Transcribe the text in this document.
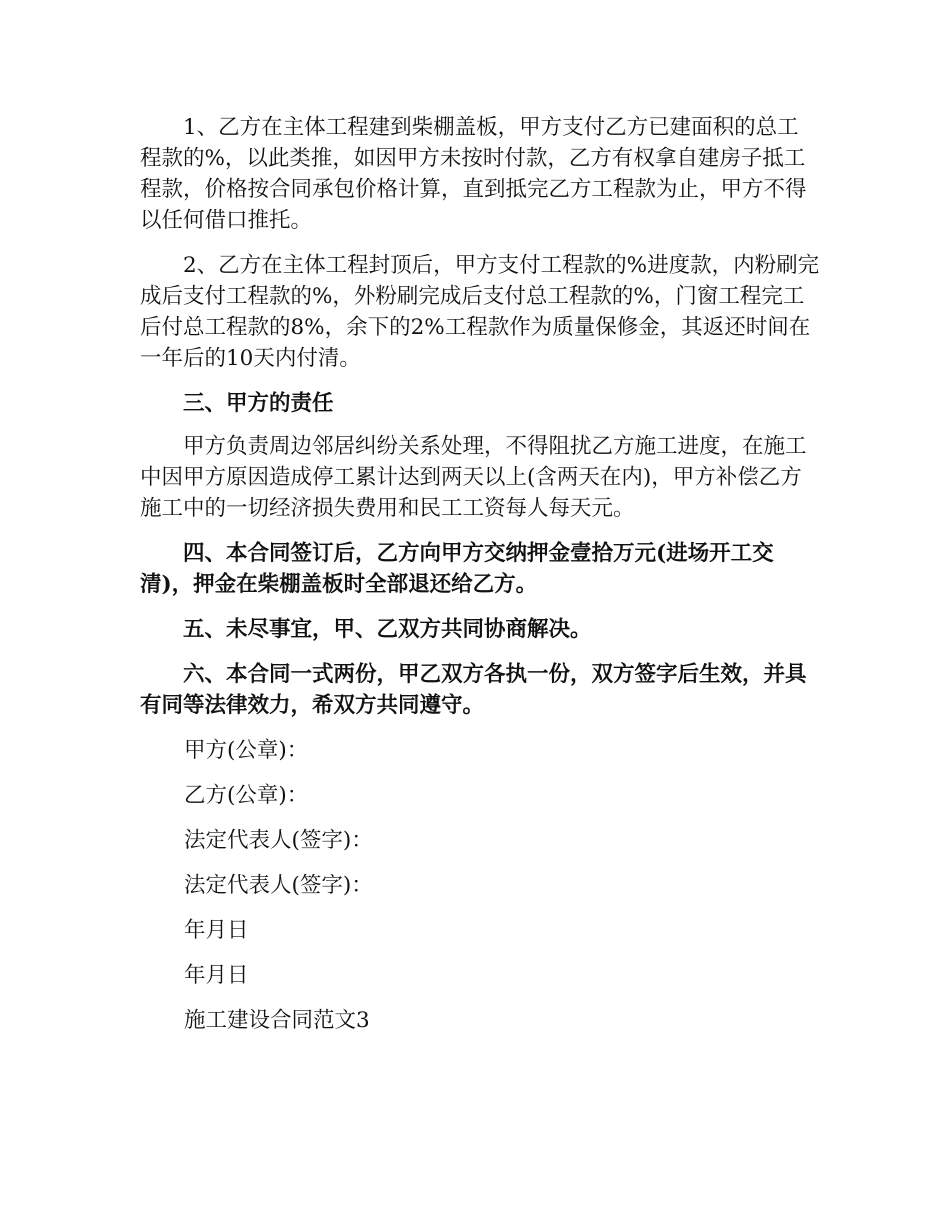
1、乙方在主体工程建到柴棚盖板，甲方支付乙方已建面积的总工程款的%，以此类推，如因甲方未按时付款，乙方有权拿自建房子抵工程款，价格按合同承包价格计算，直到抵完乙方工程款为止，甲方不得以任何借口推托。

2、乙方在主体工程封顶后，甲方支付工程款的%进度款，内粉刷完成后支付工程款的%，外粉刷完成后支付总工程款的%，门窗工程完工后付总工程款的8%，余下的2%工程款作为质量保修金，其返还时间在一年后的10天内付清。

三、甲方的责任

甲方负责周边邻居纠纷关系处理，不得阻扰乙方施工进度，在施工中因甲方原因造成停工累计达到两天以上(含两天在内)，甲方补偿乙方施工中的一切经济损失费用和民工工资每人每天元。

四、本合同签订后，乙方向甲方交纳押金壹拾万元(进场开工交清)，押金在柴棚盖板时全部退还给乙方。

五、未尽事宜，甲、乙双方共同协商解决。

六、本合同一式两份，甲乙双方各执一份，双方签字后生效，并具有同等法律效力，希双方共同遵守。

甲方(公章)：

乙方(公章)：

法定代表人(签字)：

法定代表人(签字)：

年月日

年月日

施工建设合同范文3
